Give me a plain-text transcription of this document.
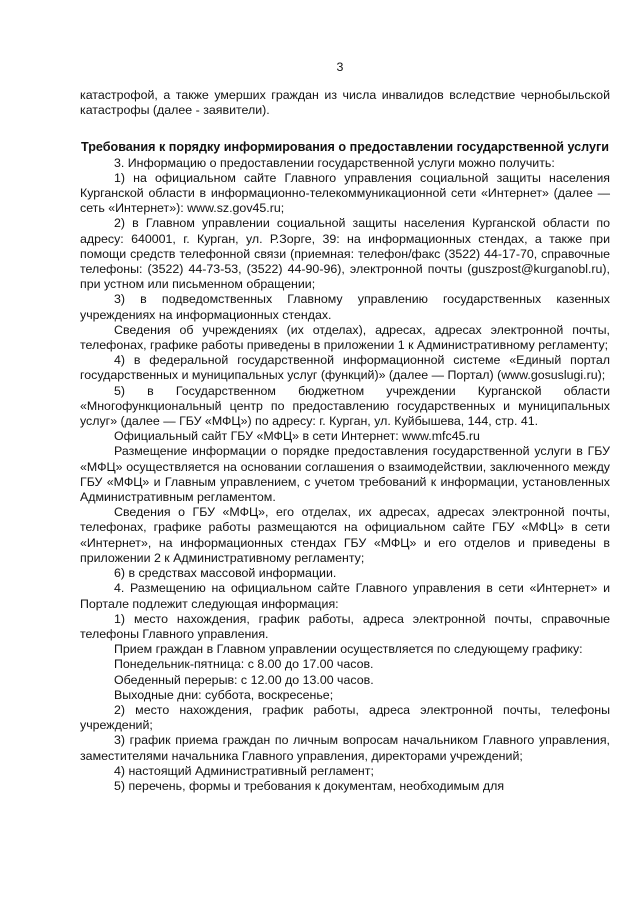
3

катастрофой, а также умерших граждан из числа инвалидов вследствие чернобыльской катастрофы (далее - заявители).

Требования к порядку информирования о предоставлении государственной услуги

3. Информацию о предоставлении государственной услуги можно получить:

1) на официальном сайте Главного управления социальной защиты населения Курганской области в информационно-телекоммуникационной сети «Интернет» (далее — сеть «Интернет»): www.sz.gov45.ru;

2) в Главном управлении социальной защиты населения Курганской области по адресу: 640001, г. Курган, ул. Р.Зорге, 39: на информационных стендах, а также при помощи средств телефонной связи (приемная: телефон/факс (3522) 44-17-70, справочные телефоны: (3522) 44-73-53, (3522) 44-90-96), электронной почты (guszpost@kurganobl.ru), при устном или письменном обращении;

3) в подведомственных Главному управлению государственных казенных учреждениях на информационных стендах.

Сведения об учреждениях (их отделах), адресах, адресах электронной почты, телефонах, графике работы приведены в приложении 1 к Административному регламенту;

4) в федеральной государственной информационной системе «Единый портал государственных и муниципальных услуг (функций)» (далее — Портал) (www.gosuslugi.ru);

5) в Государственном бюджетном учреждении Курганской области «Многофункциональный центр по предоставлению государственных и муниципальных услуг» (далее — ГБУ «МФЦ») по адресу: г. Курган, ул. Куйбышева, 144, стр. 41.

Официальный сайт ГБУ «МФЦ» в сети Интернет: www.mfc45.ru

Размещение информации о порядке предоставления государственной услуги в ГБУ «МФЦ» осуществляется на основании соглашения о взаимодействии, заключенного между ГБУ «МФЦ» и Главным управлением, с учетом требований к информации, установленных Административным регламентом.

Сведения о ГБУ «МФЦ», его отделах, их адресах, адресах электронной почты, телефонах, графике работы размещаются на официальном сайте ГБУ «МФЦ» в сети «Интернет», на информационных стендах ГБУ «МФЦ» и его отделов и приведены в приложении 2 к Административному регламенту;

6) в средствах массовой информации.

4. Размещению на официальном сайте Главного управления в сети «Интернет» и Портале подлежит следующая информация:

1) место нахождения, график работы, адреса электронной почты, справочные телефоны Главного управления.

Прием граждан в Главном управлении осуществляется по следующему графику:

Понедельник-пятница: с 8.00 до 17.00 часов.

Обеденный перерыв: с 12.00 до 13.00 часов.

Выходные дни: суббота, воскресенье;

2) место нахождения, график работы, адреса электронной почты, телефоны учреждений;

3) график приема граждан по личным вопросам начальником Главного управления, заместителями начальника Главного управления, директорами учреждений;

4) настоящий Административный регламент;

5) перечень, формы и требования к документам, необходимым для
